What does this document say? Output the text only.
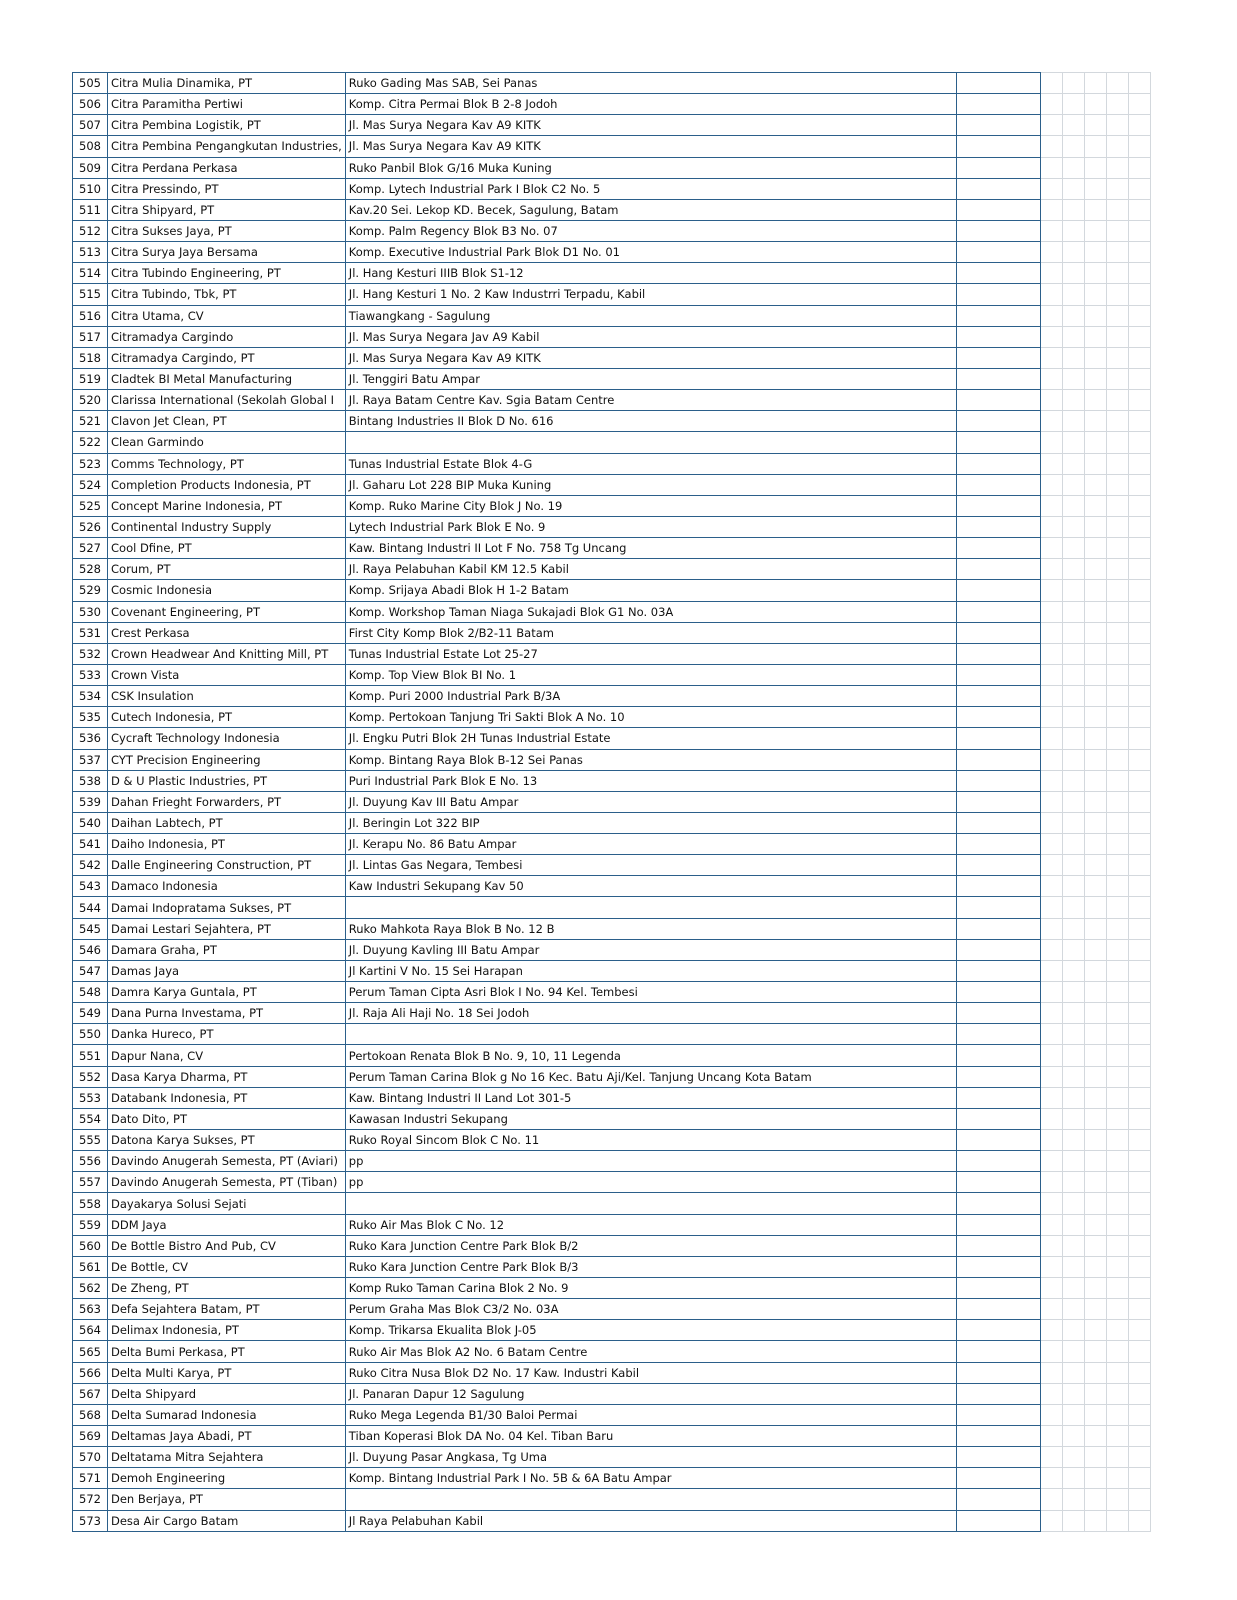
505	Citra Mulia Dinamika, PT	Ruko Gading Mas SAB, Sei Panas						
506	Citra Paramitha Pertiwi	Komp. Citra Permai Blok B 2-8 Jodoh						
507	Citra Pembina Logistik, PT	Jl. Mas Surya Negara Kav A9 KITK						
508	Citra Pembina Pengangkutan Industries,	Jl. Mas Surya Negara Kav A9 KITK						
509	Citra Perdana Perkasa	Ruko Panbil Blok G/16 Muka Kuning						
510	Citra Pressindo, PT	Komp. Lytech Industrial Park I Blok C2 No. 5						
511	Citra Shipyard, PT	Kav.20 Sei. Lekop KD. Becek, Sagulung, Batam						
512	Citra Sukses Jaya, PT	Komp. Palm Regency Blok B3 No. 07						
513	Citra Surya Jaya Bersama	Komp. Executive Industrial Park Blok D1 No. 01						
514	Citra Tubindo Engineering, PT	Jl. Hang Kesturi IIIB Blok S1-12						
515	Citra Tubindo, Tbk, PT	Jl. Hang Kesturi 1 No. 2 Kaw Industrri Terpadu, Kabil						
516	Citra Utama, CV	Tiawangkang - Sagulung						
517	Citramadya Cargindo	Jl. Mas Surya Negara Jav A9 Kabil						
518	Citramadya Cargindo, PT	Jl. Mas Surya Negara Kav A9 KITK						
519	Cladtek BI Metal Manufacturing	Jl. Tenggiri Batu Ampar						
520	Clarissa International (Sekolah Global I	Jl. Raya Batam Centre Kav. Sgia Batam Centre						
521	Clavon Jet Clean, PT	Bintang Industries II Blok D No. 616						
522	Clean Garmindo							
523	Comms Technology, PT	Tunas Industrial Estate Blok 4-G						
524	Completion Products Indonesia, PT	Jl. Gaharu Lot 228 BIP Muka Kuning						
525	Concept Marine Indonesia, PT	Komp. Ruko Marine City Blok J No. 19						
526	Continental Industry Supply	Lytech Industrial Park Blok E No. 9						
527	Cool Dfine, PT	Kaw. Bintang Industri II Lot F No. 758 Tg Uncang						
528	Corum, PT	Jl. Raya Pelabuhan Kabil KM 12.5 Kabil						
529	Cosmic Indonesia	Komp. Srijaya Abadi Blok H 1-2 Batam						
530	Covenant Engineering, PT	Komp. Workshop Taman Niaga Sukajadi Blok G1 No. 03A						
531	Crest Perkasa	First City Komp Blok 2/B2-11 Batam						
532	Crown Headwear And Knitting Mill, PT	Tunas Industrial Estate Lot 25-27						
533	Crown Vista	Komp. Top View Blok BI No. 1						
534	CSK Insulation	Komp. Puri 2000 Industrial Park B/3A						
535	Cutech Indonesia, PT	Komp. Pertokoan Tanjung Tri Sakti Blok A No. 10						
536	Cycraft Technology Indonesia	Jl. Engku Putri Blok 2H Tunas Industrial Estate						
537	CYT Precision Engineering	Komp. Bintang Raya Blok B-12 Sei Panas						
538	D & U Plastic Industries, PT	Puri Industrial Park Blok E No. 13						
539	Dahan Frieght Forwarders, PT	Jl. Duyung Kav III Batu Ampar						
540	Daihan Labtech, PT	Jl. Beringin Lot 322 BIP						
541	Daiho Indonesia, PT	Jl. Kerapu No. 86 Batu Ampar						
542	Dalle Engineering Construction, PT	Jl. Lintas Gas Negara, Tembesi						
543	Damaco Indonesia	Kaw Industri Sekupang Kav 50						
544	Damai Indopratama Sukses, PT							
545	Damai Lestari Sejahtera, PT	Ruko Mahkota Raya Blok B No. 12 B						
546	Damara Graha, PT	Jl. Duyung Kavling III Batu Ampar						
547	Damas Jaya	Jl Kartini V No. 15 Sei Harapan						
548	Damra Karya Guntala, PT	Perum Taman Cipta Asri Blok I No. 94 Kel. Tembesi						
549	Dana Purna Investama, PT	Jl. Raja Ali Haji No. 18 Sei Jodoh						
550	Danka Hureco, PT							
551	Dapur Nana, CV	Pertokoan Renata Blok B No. 9, 10, 11 Legenda						
552	Dasa Karya Dharma, PT	Perum Taman Carina Blok g No 16 Kec. Batu Aji/Kel. Tanjung Uncang Kota Batam						
553	Databank Indonesia, PT	Kaw. Bintang Industri II Land Lot 301-5						
554	Dato Dito, PT	Kawasan Industri Sekupang						
555	Datona Karya Sukses, PT	Ruko Royal Sincom Blok C No. 11						
556	Davindo Anugerah Semesta, PT (Aviari)	pp						
557	Davindo Anugerah Semesta, PT (Tiban)	pp						
558	Dayakarya Solusi Sejati							
559	DDM Jaya	Ruko Air Mas Blok C No. 12						
560	De Bottle Bistro And Pub, CV	Ruko Kara Junction Centre Park Blok B/2						
561	De Bottle, CV	Ruko Kara Junction Centre Park Blok B/3						
562	De Zheng, PT	Komp Ruko Taman Carina Blok 2 No. 9						
563	Defa Sejahtera Batam, PT	Perum Graha Mas Blok C3/2 No. 03A						
564	Delimax Indonesia, PT	Komp. Trikarsa Ekualita Blok J-05						
565	Delta Bumi Perkasa, PT	Ruko Air Mas Blok A2 No. 6 Batam Centre						
566	Delta Multi Karya, PT	Ruko Citra Nusa Blok D2 No. 17 Kaw. Industri Kabil						
567	Delta Shipyard	Jl. Panaran Dapur 12 Sagulung						
568	Delta Sumarad Indonesia	Ruko Mega Legenda B1/30 Baloi Permai						
569	Deltamas Jaya Abadi, PT	Tiban Koperasi Blok DA No. 04 Kel. Tiban Baru						
570	Deltatama Mitra Sejahtera	Jl. Duyung Pasar Angkasa, Tg Uma						
571	Demoh Engineering	Komp. Bintang Industrial Park I No. 5B & 6A Batu Ampar						
572	Den Berjaya, PT							
573	Desa Air Cargo Batam	Jl Raya Pelabuhan Kabil						
